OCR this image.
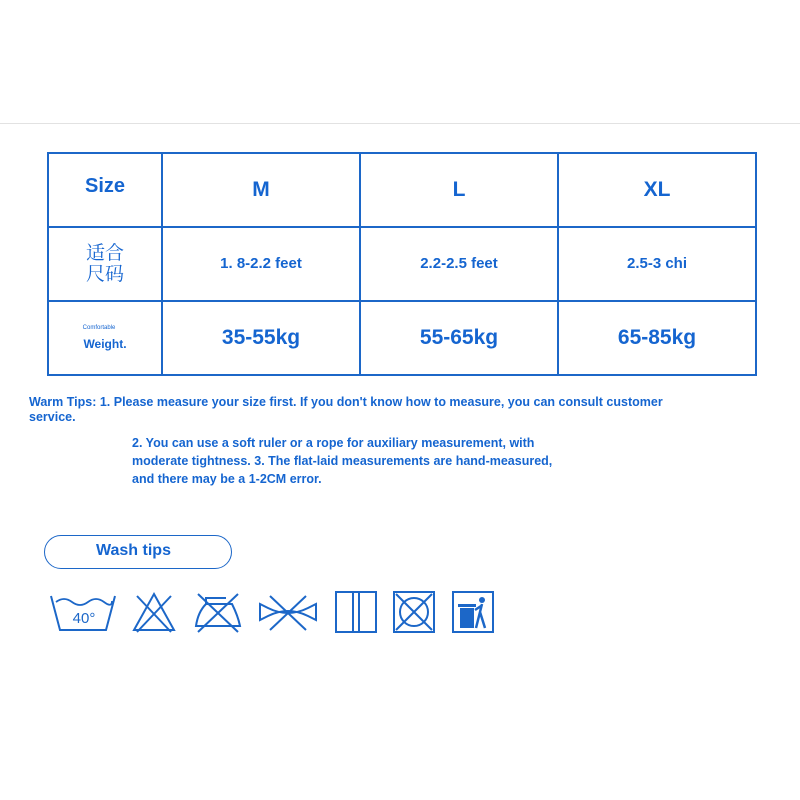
Size	M	L	XL

适合
尺码	1. 8-2.2 feet	2.2-2.5 feet	2.5-3 chi

Comfortable
Weight.	35-55kg	55-65kg	65-85kg
Warm Tips: 1. Please measure your size first. If you don't know how to measure, you can consult customer service.
2. You can use a soft ruler or a rope for auxiliary measurement, with moderate tightness. 3. The flat-laid measurements are hand-measured, and there may be a 1-2CM error.
Wash tips
40°
